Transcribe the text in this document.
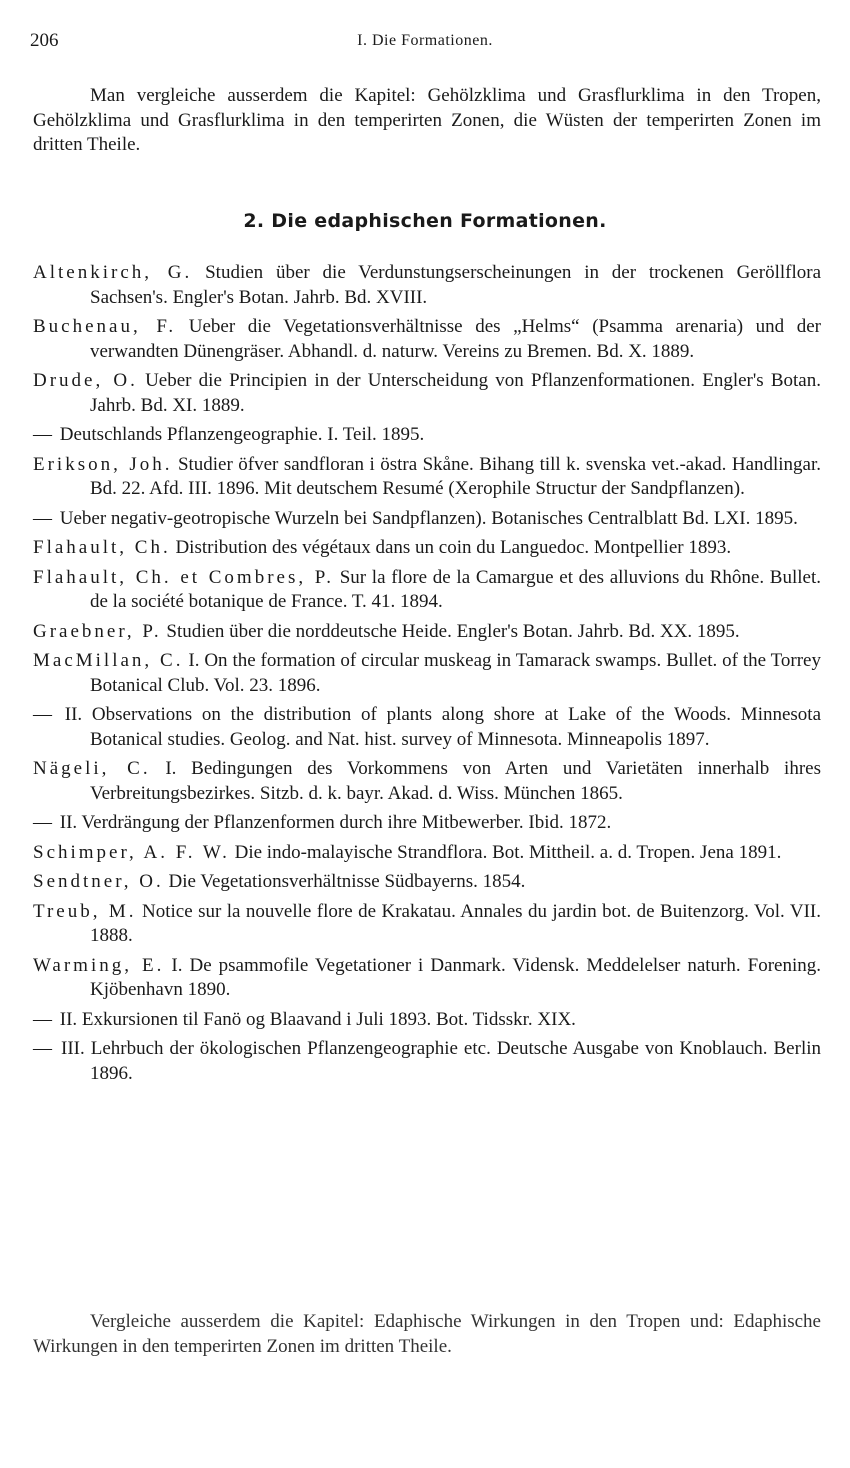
206	I. Die Formationen.

Man vergleiche ausserdem die Kapitel: Gehölzklima und Grasflurklima in den Tropen, Gehölzklima und Grasflurklima in den temperirten Zonen, die Wüsten der temperirten Zonen im dritten Theile.

2. Die edaphischen Formationen.

Altenkirch, G. Studien über die Verdunstungserscheinungen in der trockenen Geröllflora Sachsen's. Engler's Botan. Jahrb. Bd. XVIII.

Buchenau, F. Ueber die Vegetationsverhältnisse des „Helms“ (Psamma arenaria) und der verwandten Dünengräser. Abhandl. d. naturw. Vereins zu Bremen. Bd. X. 1889.

Drude, O. Ueber die Principien in der Unterscheidung von Pflanzenformationen. Engler's Botan. Jahrb. Bd. XI. 1889.

— Deutschlands Pflanzengeographie. I. Teil. 1895.

Erikson, Joh. Studier öfver sandfloran i östra Skåne. Bihang till k. svenska vet.-akad. Handlingar. Bd. 22. Afd. III. 1896. Mit deutschem Resumé (Xerophile Structur der Sandpflanzen).

— Ueber negativ-geotropische Wurzeln bei Sandpflanzen). Botanisches Centralblatt Bd. LXI. 1895.

Flahault, Ch. Distribution des végétaux dans un coin du Languedoc. Montpellier 1893.

Flahault, Ch. et Combres, P. Sur la flore de la Camargue et des alluvions du Rhône. Bullet. de la société botanique de France. T. 41. 1894.

Graebner, P. Studien über die norddeutsche Heide. Engler's Botan. Jahrb. Bd. XX. 1895.

MacMillan, C. I. On the formation of circular muskeag in Tamarack swamps. Bullet. of the Torrey Botanical Club. Vol. 23. 1896.

— II. Observations on the distribution of plants along shore at Lake of the Woods. Minnesota Botanical studies. Geolog. and Nat. hist. survey of Minnesota. Minneapolis 1897.

Nägeli, C. I. Bedingungen des Vorkommens von Arten und Varietäten innerhalb ihres Verbreitungsbezirkes. Sitzb. d. k. bayr. Akad. d. Wiss. München 1865.

— II. Verdrängung der Pflanzenformen durch ihre Mitbewerber. Ibid. 1872.

Schimper, A. F. W. Die indo-malayische Strandflora. Bot. Mittheil. a. d. Tropen. Jena 1891.

Sendtner, O. Die Vegetationsverhältnisse Südbayerns. 1854.

Treub, M. Notice sur la nouvelle flore de Krakatau. Annales du jardin bot. de Buitenzorg. Vol. VII. 1888.

Warming, E. I. De psammofile Vegetationer i Danmark. Vidensk. Meddelelser naturh. Forening. Kjöbenhavn 1890.

— II. Exkursionen til Fanö og Blaavand i Juli 1893. Bot. Tidsskr. XIX.

— III. Lehrbuch der ökologischen Pflanzengeographie etc. Deutsche Ausgabe von Knoblauch. Berlin 1896.

Vergleiche ausserdem die Kapitel: Edaphische Wirkungen in den Tropen und: Edaphische Wirkungen in den temperirten Zonen im dritten Theile.
